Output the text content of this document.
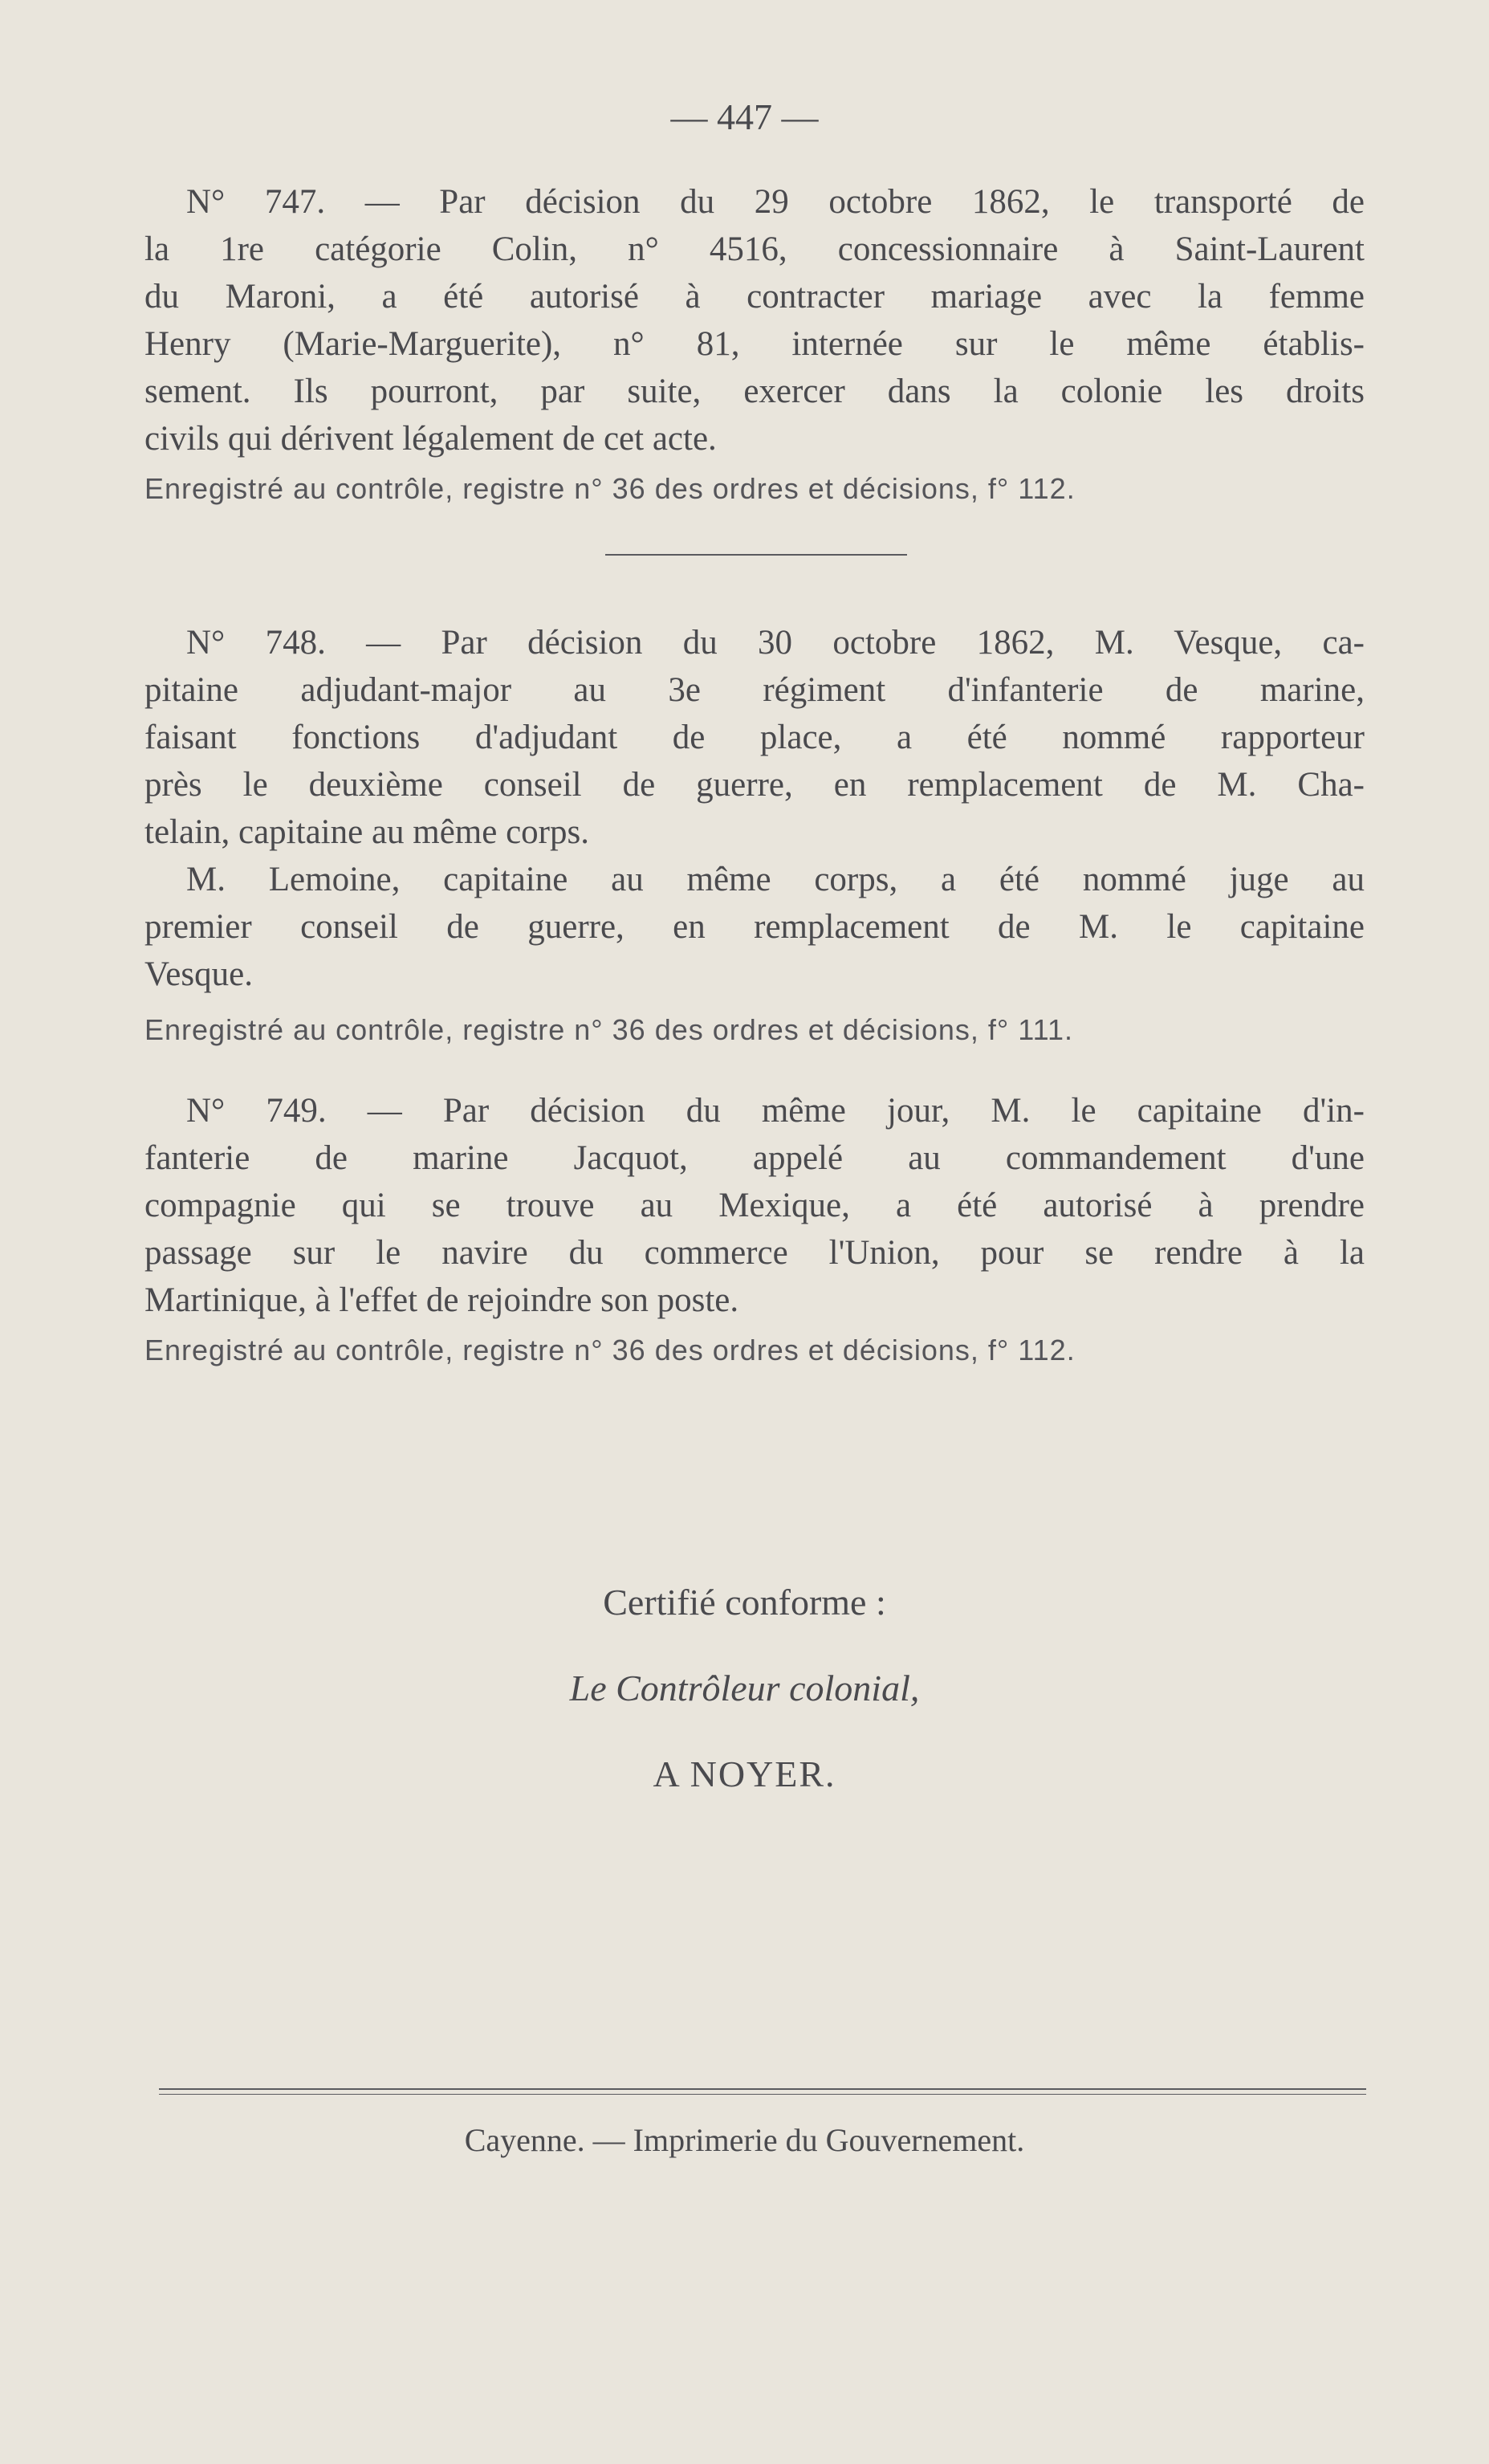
— 447 —
N° 747. — Par décision du 29 octobre 1862, le transporté de
la 1re catégorie Colin, n° 4516, concessionnaire à Saint-Laurent
du Maroni, a été autorisé à contracter mariage avec la femme
Henry (Marie-Marguerite), n° 81, internée sur le même établis-
sement. Ils pourront, par suite, exercer dans la colonie les droits
civils qui dérivent légalement de cet acte.
Enregistré au contrôle, registre n° 36 des ordres et décisions, f° 112.
N° 748. — Par décision du 30 octobre 1862, M. Vesque, ca-
pitaine adjudant-major au 3e régiment d'infanterie de marine,
faisant fonctions d'adjudant de place, a été nommé rapporteur
près le deuxième conseil de guerre, en remplacement de M. Cha-
telain, capitaine au même corps.
M. Lemoine, capitaine au même corps, a été nommé juge au
premier conseil de guerre, en remplacement de M. le capitaine
Vesque.
Enregistré au contrôle, registre n° 36 des ordres et décisions, f° 111.
N° 749. — Par décision du même jour, M. le capitaine d'in-
fanterie de marine Jacquot, appelé au commandement d'une
compagnie qui se trouve au Mexique, a été autorisé à prendre
passage sur le navire du commerce l'Union, pour se rendre à la
Martinique, à l'effet de rejoindre son poste.
Enregistré au contrôle, registre n° 36 des ordres et décisions, f° 112.
Certifié conforme :
Le Contrôleur colonial,
A NOYER.
Cayenne. — Imprimerie du Gouvernement.
